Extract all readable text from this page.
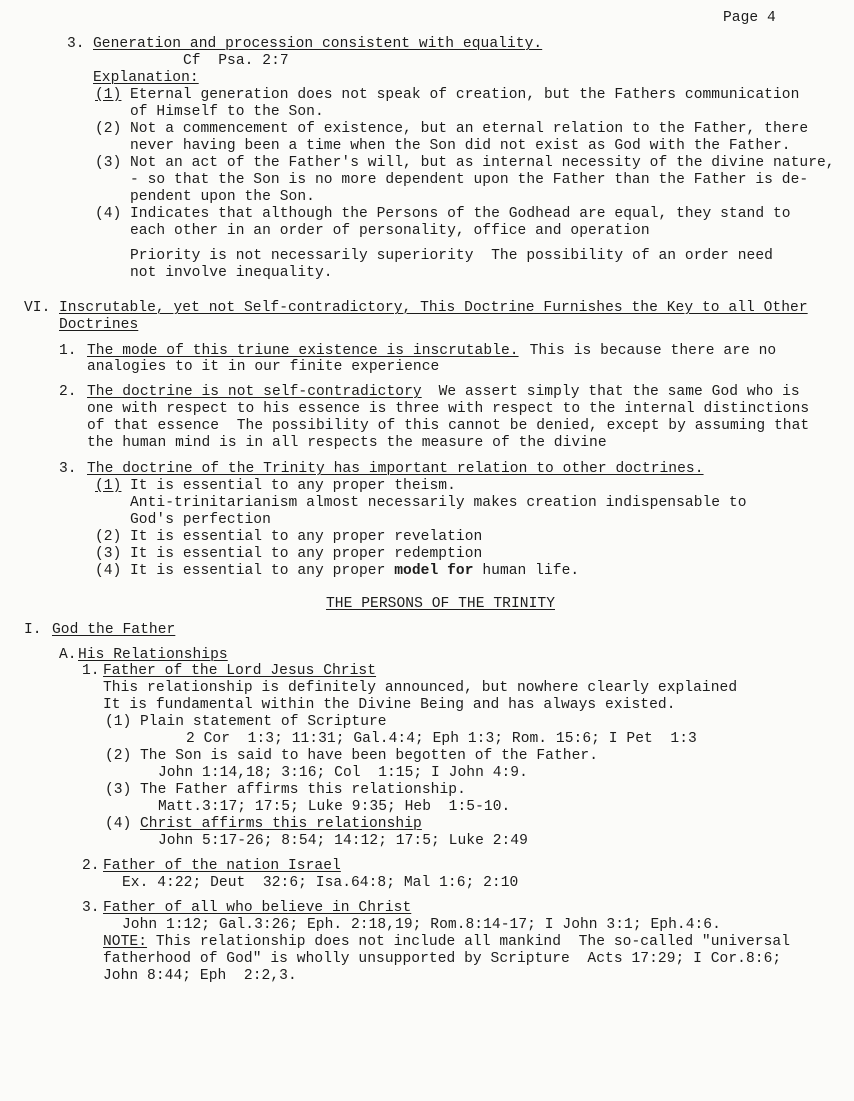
Page 4
3. Generation and procession consistent with equality.
Cf  Psa. 2:7
Explanation:
(1) Eternal generation does not speak of creation, but the Fathers communication
of Himself to the Son.
(2) Not a commencement of existence, but an eternal relation to the Father, there
never having been a time when the Son did not exist as God with the Father.
(3) Not an act of the Father's will, but as internal necessity of the divine nature,
- so that the Son is no more dependent upon the Father than the Father is de-
pendent upon the Son.
(4) Indicates that although the Persons of the Godhead are equal, they stand to
each other in an order of personality, office and operation
Priority is not necessarily superiority  The possibility of an order need
not involve inequality.
VI. Inscrutable, yet not Self-contradictory, This Doctrine Furnishes the Key to all Other
Doctrines
1. The mode of this triune existence is inscrutable.
This is because there are no
analogies to it in our finite experience
2. The doctrine is not self-contradictory We assert simply that the same God who is
one with respect to his essence is three with respect to the internal distinctions
of that essence  The possibility of this cannot be denied, except by assuming that
the human mind is in all respects the measure of the divine
3. The doctrine of the Trinity has important relation to other doctrines.
(1) It is essential to any proper theism.
Anti-trinitarianism almost necessarily makes creation indispensable to
God's perfection
(2) It is essential to any proper revelation
(3) It is essential to any proper redemption
(4) It is essential to any proper model for human life.
THE PERSONS OF THE TRINITY
I. God the Father
A. His Relationships
1. Father of the Lord Jesus Christ
This relationship is definitely announced, but nowhere clearly explained
It is fundamental within the Divine Being and has always existed.
(1) Plain statement of Scripture
2 Cor  1:3; 11:31; Gal.4:4; Eph 1:3; Rom. 15:6; I Pet  1:3
(2) The Son is said to have been begotten of the Father.
John 1:14,18; 3:16; Col  1:15; I John 4:9.
(3) The Father affirms this relationship.
Matt.3:17; 17:5; Luke 9:35; Heb  1:5-10.
(4) Christ affirms this relationship
John 5:17-26; 8:54; 14:12; 17:5; Luke 2:49
2. Father of the nation Israel
Ex. 4:22; Deut  32:6; Isa.64:8; Mal 1:6; 2:10
3. Father of all who believe in Christ
John 1:12; Gal.3:26; Eph. 2:18,19; Rom.8:14-17; I John 3:1; Eph.4:6.
NOTE: This relationship does not include all mankind  The so-called "universal
fatherhood of God" is wholly unsupported by Scripture  Acts 17:29; I Cor.8:6;
John 8:44; Eph  2:2,3.
